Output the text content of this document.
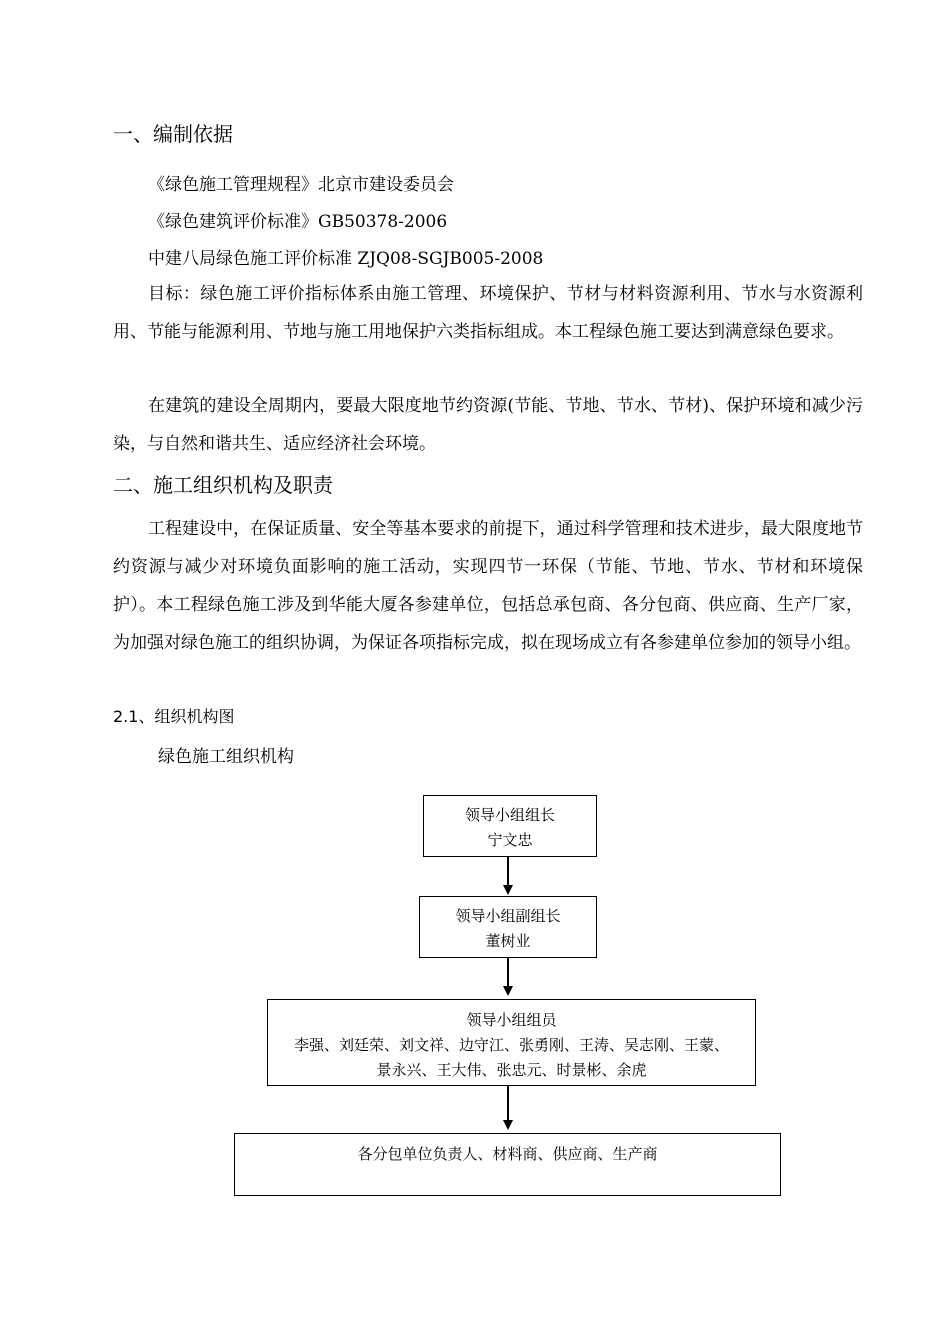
一、编制依据
《绿色施工管理规程》北京市建设委员会
《绿色建筑评价标准》GB50378-2006
中建八局绿色施工评价标准 ZJQ08-SGJB005-2008
目标：绿色施工评价指标体系由施工管理、环境保护、节材与材料资源利用、节水与水资源利用、节能与能源利用、节地与施工用地保护六类指标组成。本工程绿色施工要达到满意绿色要求。
在建筑的建设全周期内，要最大限度地节约资源(节能、节地、节水、节材)、保护环境和减少污染，与自然和谐共生、适应经济社会环境。
二、施工组织机构及职责
工程建设中，在保证质量、安全等基本要求的前提下，通过科学管理和技术进步，最大限度地节约资源与减少对环境负面影响的施工活动，实现四节一环保（节能、节地、节水、节材和环境保护）。本工程绿色施工涉及到华能大厦各参建单位，包括总承包商、各分包商、供应商、生产厂家，为加强对绿色施工的组织协调，为保证各项指标完成，拟在现场成立有各参建单位参加的领导小组。
2.1、组织机构图
绿色施工组织机构
领导小组组长
宁文忠
领导小组副组长
董树业
领导小组组员
李强、刘廷荣、刘文祥、边守江、张勇刚、王涛、吴志刚、王蒙、
景永兴、王大伟、张忠元、时景彬、余虎
各分包单位负责人、材料商、供应商、生产商
